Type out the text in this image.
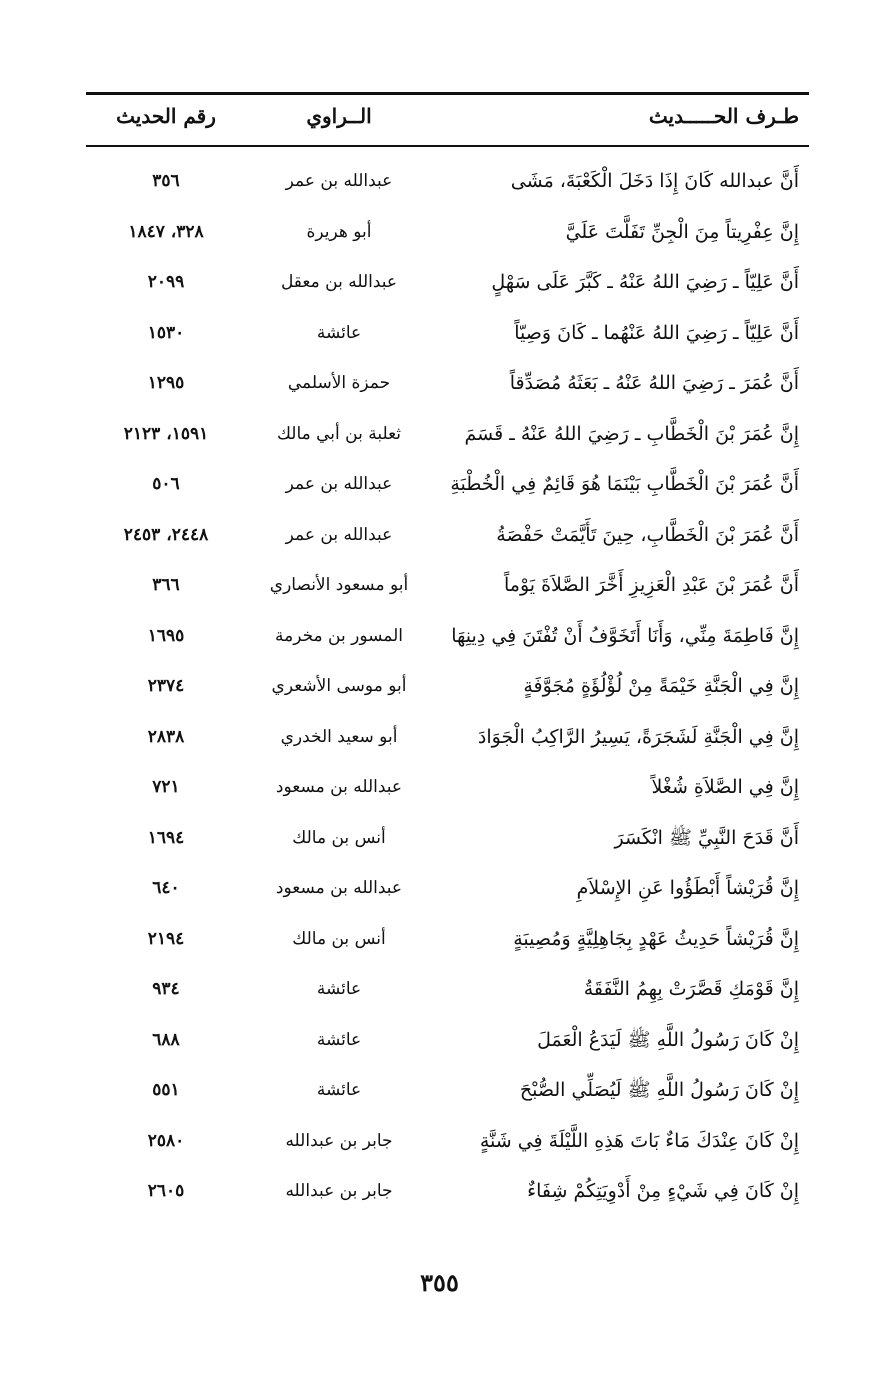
طـرف الحـــــديث
الــراوي
رقم الحديث
أَنَّ عبدالله كَانَ إِذَا دَخَلَ الْكَعْبَةَ، مَشَى
عبدالله بن عمر
٣٥٦
إِنَّ عِفْرِيتاً مِنَ الْجِنِّ تَفَلَّتَ عَلَيَّ
أبو هريرة
٣٢٨، ١٨٤٧
أَنَّ عَلِيّاً ـ رَضِيَ اللهُ عَنْهُ ـ كَبَّرَ عَلَى سَهْلٍ
عبدالله بن معقل
٢٠٩٩
أَنَّ عَلِيّاً ـ رَضِيَ اللهُ عَنْهُما ـ كَانَ وَصِيّاً
عائشة
١٥٣٠
أَنَّ عُمَرَ ـ رَضِيَ اللهُ عَنْهُ ـ بَعَثَهُ مُصَدِّقاً
حمزة الأسلمي
١٢٩٥
إِنَّ عُمَرَ بْنَ الْخَطَّابِ ـ رَضِيَ اللهُ عَنْهُ ـ قَسَمَ
ثعلبة بن أبي مالك
١٥٩١، ٢١٢٣
أَنَّ عُمَرَ بْنَ الْخَطَّابِ بَيْنَمَا هُوَ قَائِمٌ فِي الْخُطْبَةِ
عبدالله بن عمر
٥٠٦
أَنَّ عُمَرَ بْنَ الْخَطَّابِ، حِينَ تَأَيَّمَتْ حَفْصَةُ
عبدالله بن عمر
٢٤٤٨، ٢٤٥٣
أَنَّ عُمَرَ بْنَ عَبْدِ الْعَزِيزِ أَخَّرَ الصَّلاَةَ يَوْماً
أبو مسعود الأنصاري
٣٦٦
إِنَّ فَاطِمَةَ مِنِّي، وَأَنَا أَتَخَوَّفُ أَنْ تُفْتَنَ فِي دِينِهَا
المسور بن مخرمة
١٦٩٥
إِنَّ فِي الْجَنَّةِ خَيْمَةً مِنْ لُؤْلُؤَةٍ مُجَوَّفَةٍ
أبو موسى الأشعري
٢٣٧٤
إِنَّ فِي الْجَنَّةِ لَشَجَرَةً، يَسِيرُ الرَّاكِبُ الْجَوَادَ
أبو سعيد الخدري
٢٨٣٨
إِنَّ فِي الصَّلاَةِ شُغْلاً
عبدالله بن مسعود
٧٢١
أَنَّ قَدَحَ النَّبِيِّ ﷺ انْكَسَرَ
أنس بن مالك
١٦٩٤
إِنَّ قُرَيْشاً أَبْطَؤُوا عَنِ الإِسْلاَمِ
عبدالله بن مسعود
٦٤٠
إِنَّ قُرَيْشاً حَدِيثُ عَهْدٍ بِجَاهِلِيَّةٍ وَمُصِيبَةٍ
أنس بن مالك
٢١٩٤
إِنَّ قَوْمَكِ قَصَّرَتْ بِهِمُ النَّفَقَةُ
عائشة
٩٣٤
إِنْ كَانَ رَسُولُ اللَّهِ ﷺ لَيَدَعُ الْعَمَلَ
عائشة
٦٨٨
إِنْ كَانَ رَسُولُ اللَّهِ ﷺ لَيُصَلِّي الصُّبْحَ
عائشة
٥٥١
إِنْ كَانَ عِنْدَكَ مَاءٌ بَاتَ هَذِهِ اللَّيْلَةَ فِي شَنَّةٍ
جابر بن عبدالله
٢٥٨٠
إِنْ كَانَ فِي شَيْءٍ مِنْ أَدْوِيَتِكُمْ شِفَاءٌ
جابر بن عبدالله
٢٦٠٥
٣٥٥
